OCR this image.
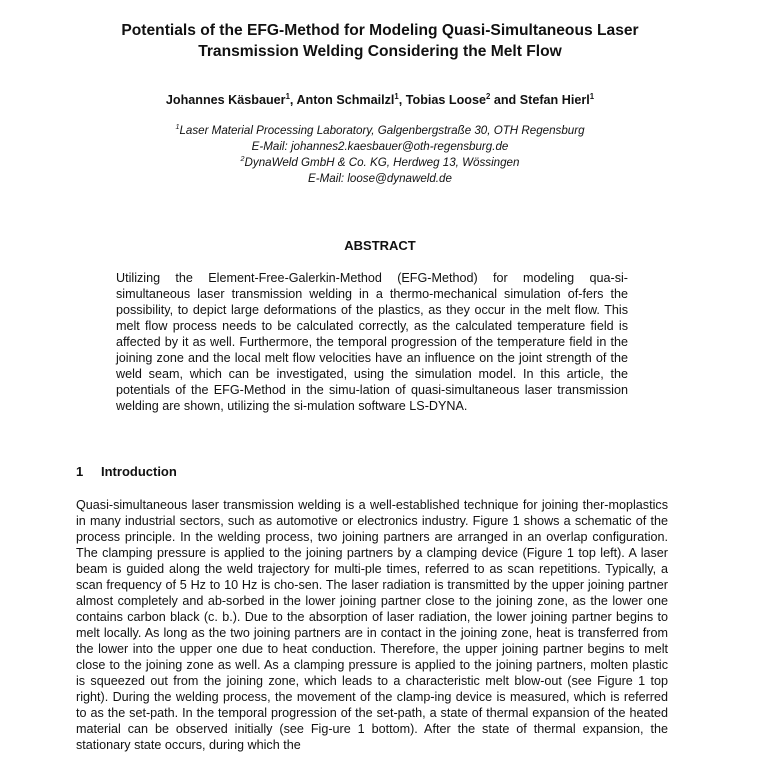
Potentials of the EFG-Method for Modeling Quasi-Simultaneous Laser
Transmission Welding Considering the Melt Flow
Johannes Käsbauer$^1$, Anton Schmailzl$^1$, Tobias Loose$^2$ and Stefan Hierl$^1$
$^1$Laser Material Processing Laboratory, Galgenbergstraße 30, OTH Regensburg
E-Mail: johannes2.kaesbauer@oth-regensburg.de
$^2$DynaWeld GmbH & Co. KG, Herdweg 13, Wössingen
E-Mail: loose@dynaweld.de
ABSTRACT

Utilizing the Element-Free-Galerkin-Method (EFG-Method) for modeling qua-si-simultaneous laser transmission welding in a thermo-mechanical simulation of-fers the possibility, to depict large deformations of the plastics, as they occur in the melt flow. This melt flow process needs to be calculated correctly, as the calculated temperature field is affected by it as well. Furthermore, the temporal progression of the temperature field in the joining zone and the local melt flow velocities have an influence on the joint strength of the weld seam, which can be investigated, using the simulation model. In this article, the potentials of the EFG-Method in the simu-lation of quasi-simultaneous laser transmission welding are shown, utilizing the si-mulation software LS-DYNA.

1 Introduction

Quasi-simultaneous laser transmission welding is a well-established technique for joining ther-moplastics in many industrial sectors, such as automotive or electronics industry. Figure 1 shows a schematic of the process principle. In the welding process, two joining partners are arranged in an overlap configuration. The clamping pressure is applied to the joining partners by a clamping device (Figure 1 top left). A laser beam is guided along the weld trajectory for multi-ple times, referred to as scan repetitions. Typically, a scan frequency of 5 Hz to 10 Hz is cho-sen. The laser radiation is transmitted by the upper joining partner almost completely and ab-sorbed in the lower joining partner close to the joining zone, as the lower one contains carbon black (c. b.). Due to the absorption of laser radiation, the lower joining partner begins to melt locally. As long as the two joining partners are in contact in the joining zone, heat is transferred from the lower into the upper one due to heat conduction. Therefore, the upper joining partner begins to melt close to the joining zone as well. As a clamping pressure is applied to the joining partners, molten plastic is squeezed out from the joining zone, which leads to a characteristic melt blow-out (see Figure 1 top right). During the welding process, the movement of the clamp-ing device is measured, which is referred to as the set-path. In the temporal progression of the set-path, a state of thermal expansion of the heated material can be observed initially (see Fig-ure 1 bottom). After the state of thermal expansion, the stationary state occurs, during which the
